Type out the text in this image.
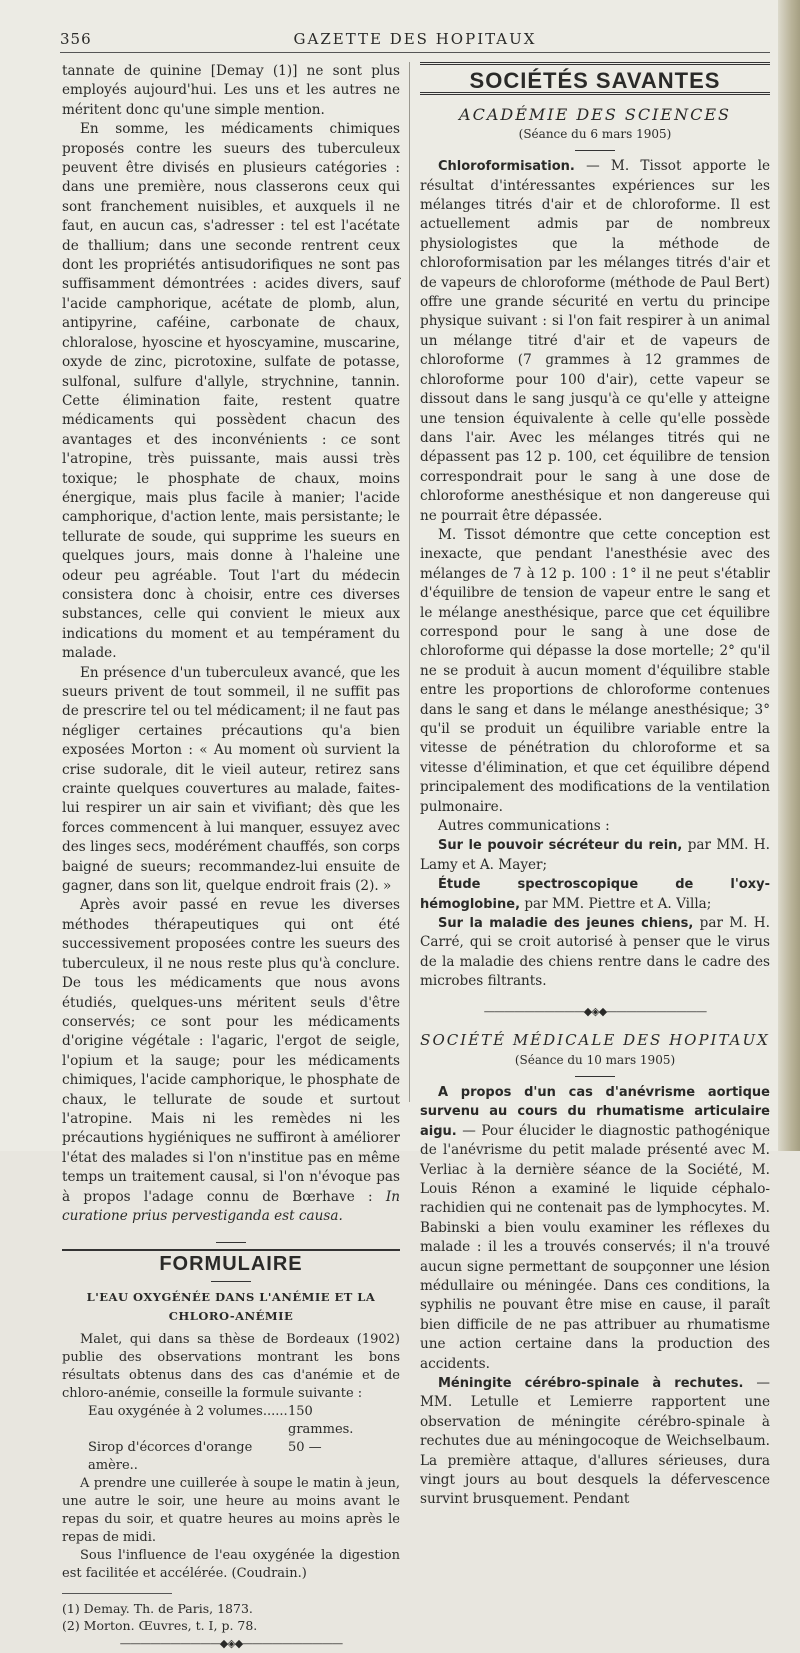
356	GAZETTE DES HOPITAUX

tannate de quinine [Demay (1)] ne sont plus employés aujourd'hui. Les uns et les autres ne méritent donc qu'une simple mention.

En somme, les médicaments chimiques proposés contre les sueurs des tuberculeux peuvent être divisés en plusieurs catégories : dans une première, nous classerons ceux qui sont franchement nuisibles, et auxquels il ne faut, en aucun cas, s'adresser : tel est l'acétate de thallium; dans une seconde rentrent ceux dont les propriétés antisudorifiques ne sont pas suffisamment démontrées : acides divers, sauf l'acide camphorique, acétate de plomb, alun, antipyrine, caféine, carbonate de chaux, chloralose, hyoscine et hyoscyamine, muscarine, oxyde de zinc, picrotoxine, sulfate de potasse, sulfonal, sulfure d'allyle, strychnine, tannin. Cette élimination faite, restent quatre médicaments qui possèdent chacun des avantages et des inconvénients : ce sont l'atropine, très puissante, mais aussi très toxique; le phosphate de chaux, moins énergique, mais plus facile à manier; l'acide camphorique, d'action lente, mais persistante; le tellurate de soude, qui supprime les sueurs en quelques jours, mais donne à l'haleine une odeur peu agréable. Tout l'art du médecin consistera donc à choisir, entre ces diverses substances, celle qui convient le mieux aux indications du moment et au tempérament du malade.

En présence d'un tuberculeux avancé, que les sueurs privent de tout sommeil, il ne suffit pas de prescrire tel ou tel médicament; il ne faut pas négliger certaines précautions qu'a bien exposées Morton : « Au moment où survient la crise sudorale, dit le vieil auteur, retirez sans crainte quelques couvertures au malade, faites-lui respirer un air sain et vivifiant; dès que les forces commencent à lui manquer, essuyez avec des linges secs, modérément chauffés, son corps baigné de sueurs; recommandez-lui ensuite de gagner, dans son lit, quelque endroit frais (2). »

Après avoir passé en revue les diverses méthodes thérapeutiques qui ont été successivement proposées contre les sueurs des tuberculeux, il ne nous reste plus qu'à conclure. De tous les médicaments que nous avons étudiés, quelques-uns méritent seuls d'être conservés; ce sont pour les médicaments d'origine végétale : l'agaric, l'ergot de seigle, l'opium et la sauge; pour les médicaments chimiques, l'acide camphorique, le phosphate de chaux, le tellurate de soude et surtout l'atropine. Mais ni les remèdes ni les précautions hygiéniques ne suffiront à améliorer l'état des malades si l'on n'institue pas en même temps un traitement causal, si l'on n'évoque pas à propos l'adage connu de Bœrhave : In curatione prius pervestiganda est causa.

FORMULAIRE

L'EAU OXYGÉNÉE DANS L'ANÉMIE ET LA CHLORO-ANÉMIE

Malet, qui dans sa thèse de Bordeaux (1902) publie des observations montrant les bons résultats obtenus dans des cas d'anémie et de chloro-anémie, conseille la formule suivante :

Eau oxygénée à 2 volumes...... 150 grammes.
Sirop d'écorces d'orange amère..
50 —

A prendre une cuillerée à soupe le matin à jeun, une autre le soir, une heure au moins avant le repas du soir, et quatre heures au moins après le repas de midi.

Sous l'influence de l'eau oxygénée la digestion est facilitée et accélérée. (Coudrain.)

(1) Demay. Th. de Paris, 1873.
(2) Morton. Œuvres, t. I, p. 78.

——————————◆◈◆——————————

SOCIÉTÉS SAVANTES

ACADÉMIE DES SCIENCES

(Séance du 6 mars 1905)

Chloroformisation. — M. Tissot apporte le résultat d'intéressantes expériences sur les mélanges titrés d'air et de chloroforme. Il est actuellement admis par de nombreux physiologistes que la méthode de chloroformisation par les mélanges titrés d'air et de vapeurs de chloroforme (méthode de Paul Bert) offre une grande sécurité en vertu du principe physique suivant : si l'on fait respirer à un animal un mélange titré d'air et de vapeurs de chloroforme (7 grammes à 12 grammes de chloroforme pour 100 d'air), cette vapeur se dissout dans le sang jusqu'à ce qu'elle y atteigne une tension équivalente à celle qu'elle possède dans l'air. Avec les mélanges titrés qui ne dépassent pas 12 p. 100, cet équilibre de tension correspondrait pour le sang à une dose de chloroforme anesthésique et non dangereuse qui ne pourrait être dépassée.

M. Tissot démontre que cette conception est inexacte, que pendant l'anesthésie avec des mélanges de 7 à 12 p. 100 : 1° il ne peut s'établir d'équilibre de tension de vapeur entre le sang et le mélange anesthésique, parce que cet équilibre correspond pour le sang à une dose de chloroforme qui dépasse la dose mortelle; 2° qu'il ne se produit à aucun moment d'équilibre stable entre les proportions de chloroforme contenues dans le sang et dans le mélange anesthésique; 3° qu'il se produit un équilibre variable entre la vitesse de pénétration du chloroforme et sa vitesse d'élimination, et que cet équilibre dépend principalement des modifications de la ventilation pulmonaire.

Autres communications :

Sur le pouvoir sécréteur du rein, par MM. H. Lamy et A. Mayer;

Étude spectroscopique de l'oxy-hémoglobine, par MM. Piettre et A. Villa;

Sur la maladie des jeunes chiens, par M. H. Carré, qui se croit autorisé à penser que le virus de la maladie des chiens rentre dans le cadre des microbes filtrants.

——————————◆◈◆——————————

SOCIÉTÉ MÉDICALE DES HOPITAUX

(Séance du 10 mars 1905)

A propos d'un cas d'anévrisme aortique survenu au cours du rhumatisme articulaire aigu. — Pour élucider le diagnostic pathogénique de l'anévrisme du petit malade présenté avec M. Verliac à la dernière séance de la Société, M. Louis Rénon a examiné le liquide céphalo-rachidien qui ne contenait pas de lymphocytes. M. Babinski a bien voulu examiner les réflexes du malade : il les a trouvés conservés; il n'a trouvé aucun signe permettant de soupçonner une lésion médullaire ou méningée. Dans ces conditions, la syphilis ne pouvant être mise en cause, il paraît bien difficile de ne pas attribuer au rhumatisme une action certaine dans la production des accidents.

Méningite cérébro-spinale à rechutes. — MM. Letulle et Lemierre rapportent une observation de méningite cérébro-spinale à rechutes due au méningocoque de Weichselbaum. La première attaque, d'allures sérieuses, dura vingt jours au bout desquels la défervescence survint brusquement. Pendant
